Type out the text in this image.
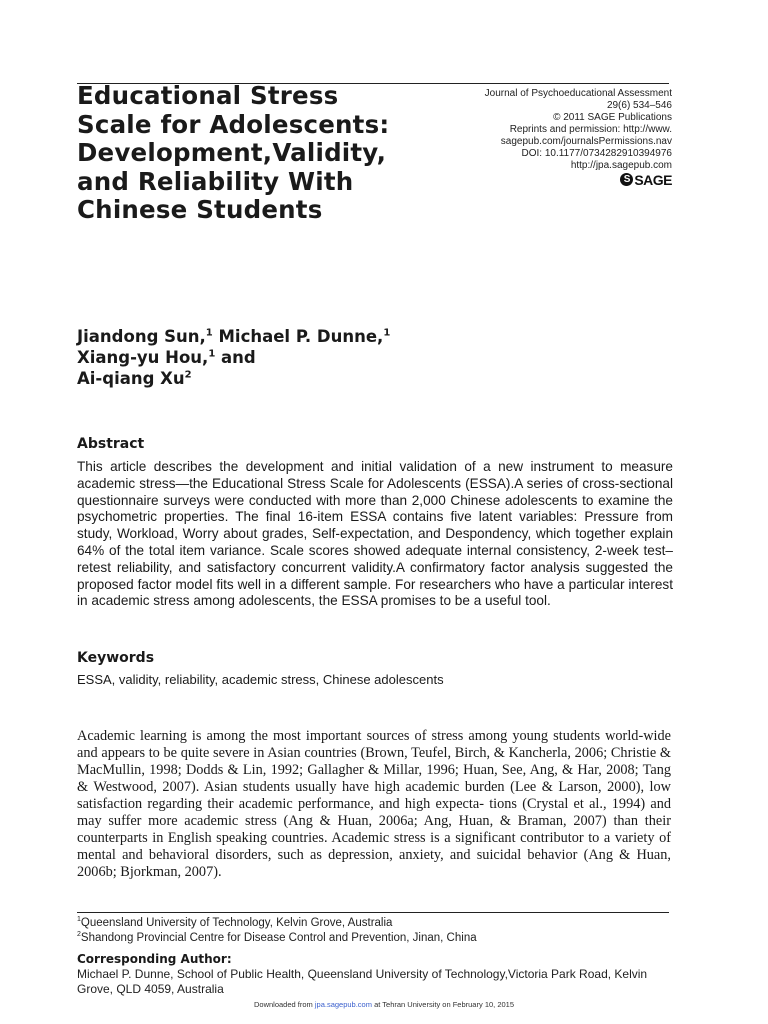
Educational Stress Scale for Adolescents: Development,Validity, and Reliability With Chinese Students
Journal of Psychoeducational Assessment
29(6) 534–546
© 2011 SAGE Publications
Reprints and permission: http://www.
sagepub.com/journalsPermissions.nav
DOI: 10.1177/0734282910394976
http://jpa.sagepub.com
S SAGE

Jiandong Sun,$^1$ Michael P. Dunne,$^1$ Xiang-yu Hou,$^1$ and
Ai-qiang Xu$^2$

Abstract

This article describes the development and initial validation of a new instrument to measure academic stress—the Educational Stress Scale for Adolescents (ESSA).A series of cross-sectional questionnaire surveys were conducted with more than 2,000 Chinese adolescents to examine the psychometric properties. The final 16-item ESSA contains five latent variables: Pressure from study, Workload, Worry about grades, Self-expectation, and Despondency, which together explain 64% of the total item variance. Scale scores showed adequate internal consistency, 2-week test–retest reliability, and satisfactory concurrent validity.A confirmatory factor analysis suggested the proposed factor model fits well in a different sample. For researchers who have a particular interest in academic stress among adolescents, the ESSA promises to be a useful tool.

Keywords

ESSA, validity, reliability, academic stress, Chinese adolescents

Academic learning is among the most important sources of stress among young students world-wide and appears to be quite severe in Asian countries (Brown, Teufel, Birch, & Kancherla, 2006; Christie & MacMullin, 1998; Dodds & Lin, 1992; Gallagher & Millar, 1996; Huan, See, Ang, & Har, 2008; Tang & Westwood, 2007). Asian students usually have high academic burden (Lee & Larson, 2000), low satisfaction regarding their academic performance, and high expecta- tions (Crystal et al., 1994) and may suffer more academic stress (Ang & Huan, 2006a; Ang, Huan, & Braman, 2007) than their counterparts in English speaking countries. Academic stress is a significant contributor to a variety of mental and behavioral disorders, such as depression, anxiety, and suicidal behavior (Ang & Huan, 2006b; Bjorkman, 2007).

$^1$Queensland University of Technology, Kelvin Grove, Australia

$^2$Shandong Provincial Centre for Disease Control and Prevention, Jinan, China

Corresponding Author:

Michael P. Dunne, School of Public Health, Queensland University of Technology,Victoria Park Road, Kelvin Grove, QLD 4059, Australia

Downloaded from jpa.sagepub.com at Tehran University on February 10, 2015
